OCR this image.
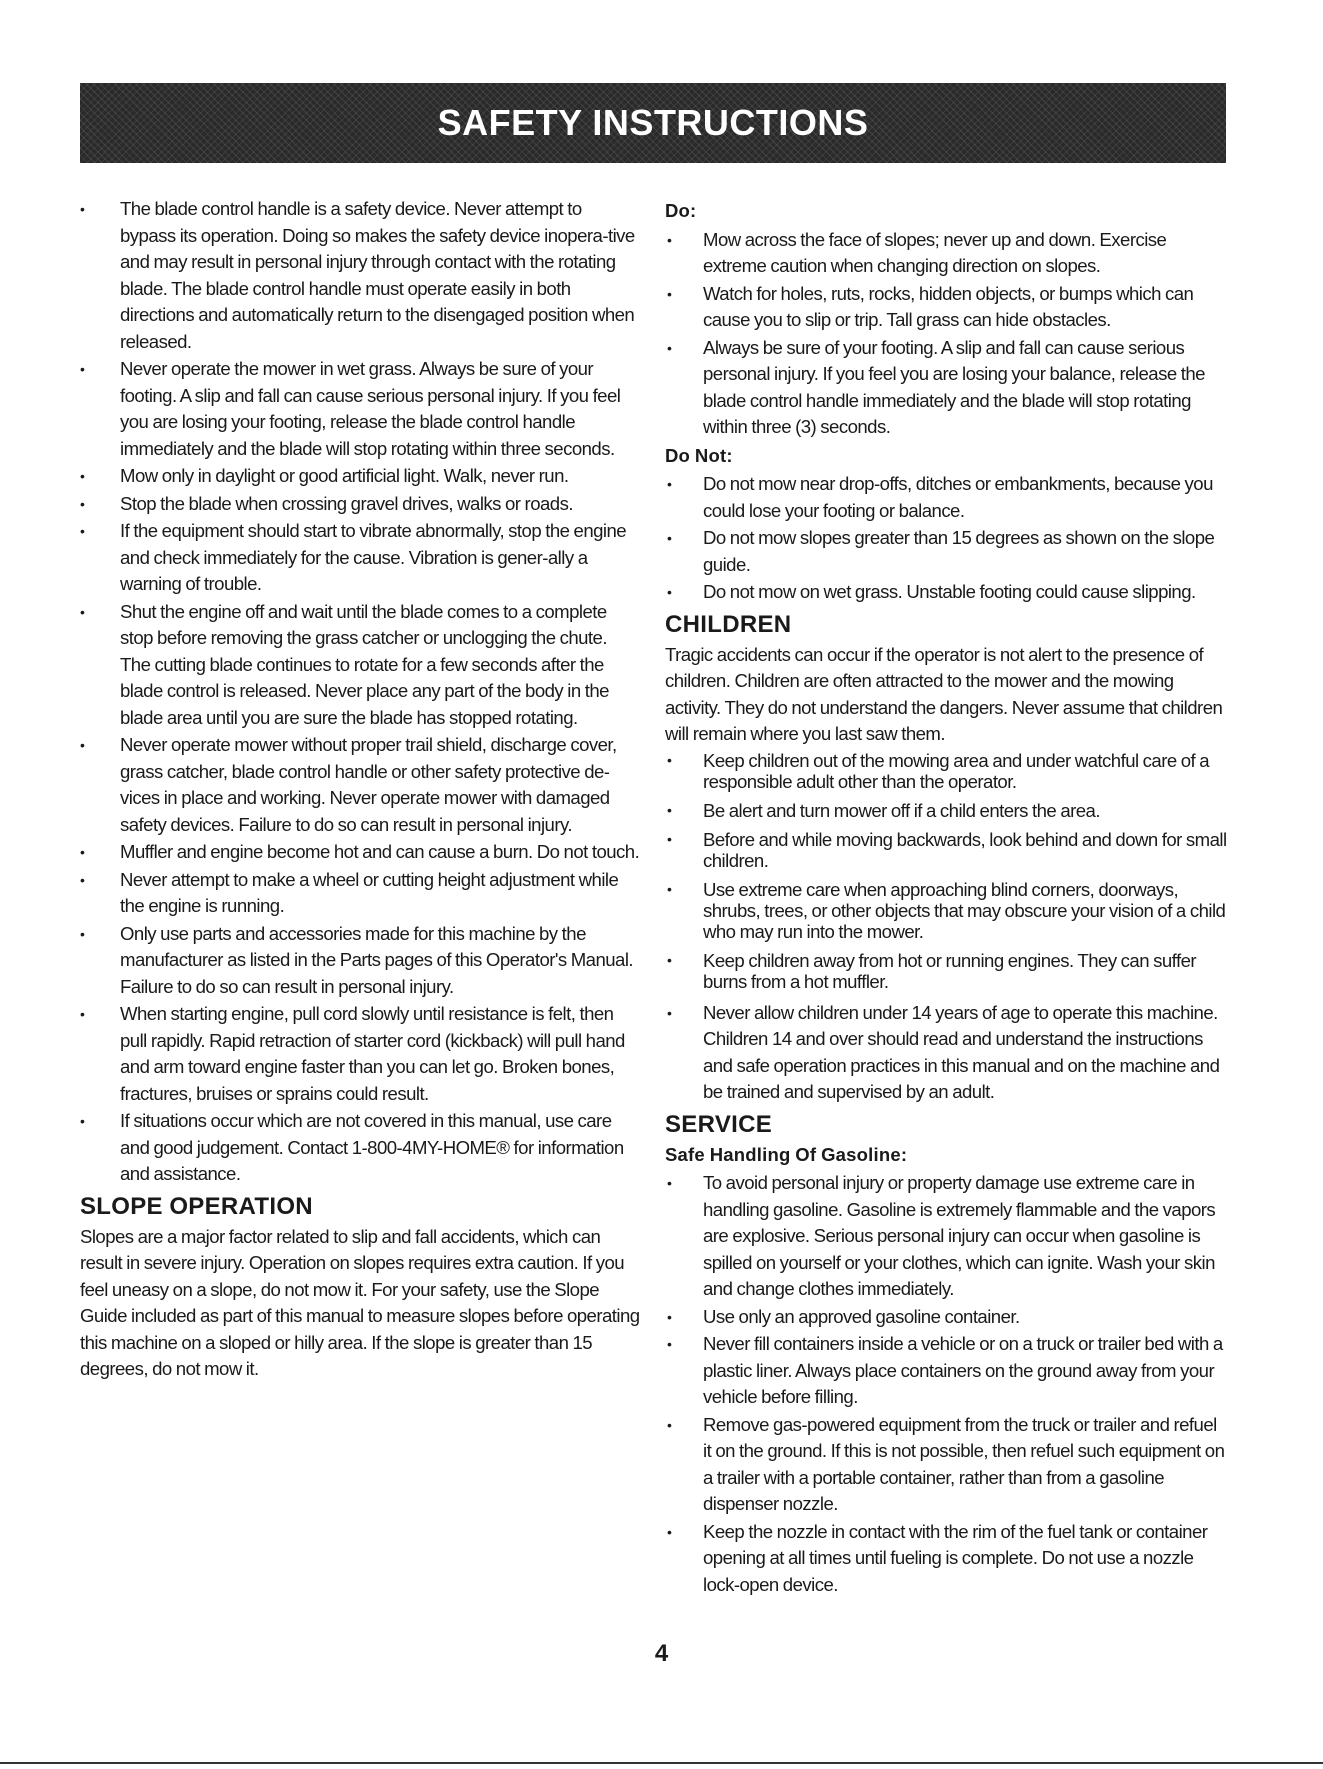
SAFETY INSTRUCTIONS
• The blade control handle is a safety device. Never attempt to bypass its operation. Doing so makes the safety device inopera-tive and may result in personal injury through contact with the rotating blade. The blade control handle must operate easily in both directions and automatically return to the disengaged position when released.
• Never operate the mower in wet grass. Always be sure of your footing. A slip and fall can cause serious personal injury. If you feel you are losing your footing, release the blade control handle immediately and the blade will stop rotating within three seconds.
• Mow only in daylight or good artificial light. Walk, never run.
• Stop the blade when crossing gravel drives, walks or roads.
• If the equipment should start to vibrate abnormally, stop the engine and check immediately for the cause. Vibration is gener-ally a warning of trouble.
• Shut the engine off and wait until the blade comes to a complete stop before removing the grass catcher or unclogging the chute. The cutting blade continues to rotate for a few seconds after the blade control is released. Never place any part of the body in the blade area until you are sure the blade has stopped rotating.
• Never operate mower without proper trail shield, discharge cover, grass catcher, blade control handle or other safety protective de-vices in place and working. Never operate mower with damaged safety devices. Failure to do so can result in personal injury.
• Muffler and engine become hot and can cause a burn. Do not touch.
• Never attempt to make a wheel or cutting height adjustment while the engine is running.
• Only use parts and accessories made for this machine by the manufacturer as listed in the Parts pages of this Operator's Manual. Failure to do so can result in personal injury.
• When starting engine, pull cord slowly until resistance is felt, then pull rapidly. Rapid retraction of starter cord (kickback) will pull hand and arm toward engine faster than you can let go. Broken bones, fractures, bruises or sprains could result.
• If situations occur which are not covered in this manual, use care and good judgement. Contact 1-800-4MY-HOME® for information and assistance.
SLOPE OPERATION

Slopes are a major factor related to slip and fall accidents, which can result in severe injury. Operation on slopes requires extra caution. If you feel uneasy on a slope, do not mow it. For your safety, use the Slope Guide included as part of this manual to measure slopes before operating this machine on a sloped or hilly area. If the slope is greater than 15 degrees, do not mow it.

Do:
• Mow across the face of slopes; never up and down. Exercise extreme caution when changing direction on slopes.
• Watch for holes, ruts, rocks, hidden objects, or bumps which can cause you to slip or trip. Tall grass can hide obstacles.
• Always be sure of your footing. A slip and fall can cause serious personal injury. If you feel you are losing your balance, release the blade control handle immediately and the blade will stop rotating within three (3) seconds.
Do Not:
• Do not mow near drop-offs, ditches or embankments, because you could lose your footing or balance.
• Do not mow slopes greater than 15 degrees as shown on the slope guide.
• Do not mow on wet grass. Unstable footing could cause slipping.
CHILDREN

Tragic accidents can occur if the operator is not alert to the presence of children. Children are often attracted to the mower and the mowing activity. They do not understand the dangers. Never assume that children will remain where you last saw them.

• Keep children out of the mowing area and under watchful care of a responsible adult other than the operator.
• Be alert and turn mower off if a child enters the area.
• Before and while moving backwards, look behind and down for small children.
• Use extreme care when approaching blind corners, doorways, shrubs, trees, or other objects that may obscure your vision of a child who may run into the mower.
• Keep children away from hot or running engines. They can suffer burns from a hot muffler.
• Never allow children under 14 years of age to operate this machine. Children 14 and over should read and understand the instructions and safe operation practices in this manual and on the machine and be trained and supervised by an adult.
SERVICE
Safe Handling Of Gasoline:
• To avoid personal injury or property damage use extreme care in handling gasoline. Gasoline is extremely flammable and the vapors are explosive. Serious personal injury can occur when gasoline is spilled on yourself or your clothes, which can ignite. Wash your skin and change clothes immediately.
• Use only an approved gasoline container.
• Never fill containers inside a vehicle or on a truck or trailer bed with a plastic liner. Always place containers on the ground away from your vehicle before filling.
• Remove gas-powered equipment from the truck or trailer and refuel it on the ground. If this is not possible, then refuel such equipment on a trailer with a portable container, rather than from a gasoline dispenser nozzle.
• Keep the nozzle in contact with the rim of the fuel tank or container opening at all times until fueling is complete. Do not use a nozzle lock-open device.
4
